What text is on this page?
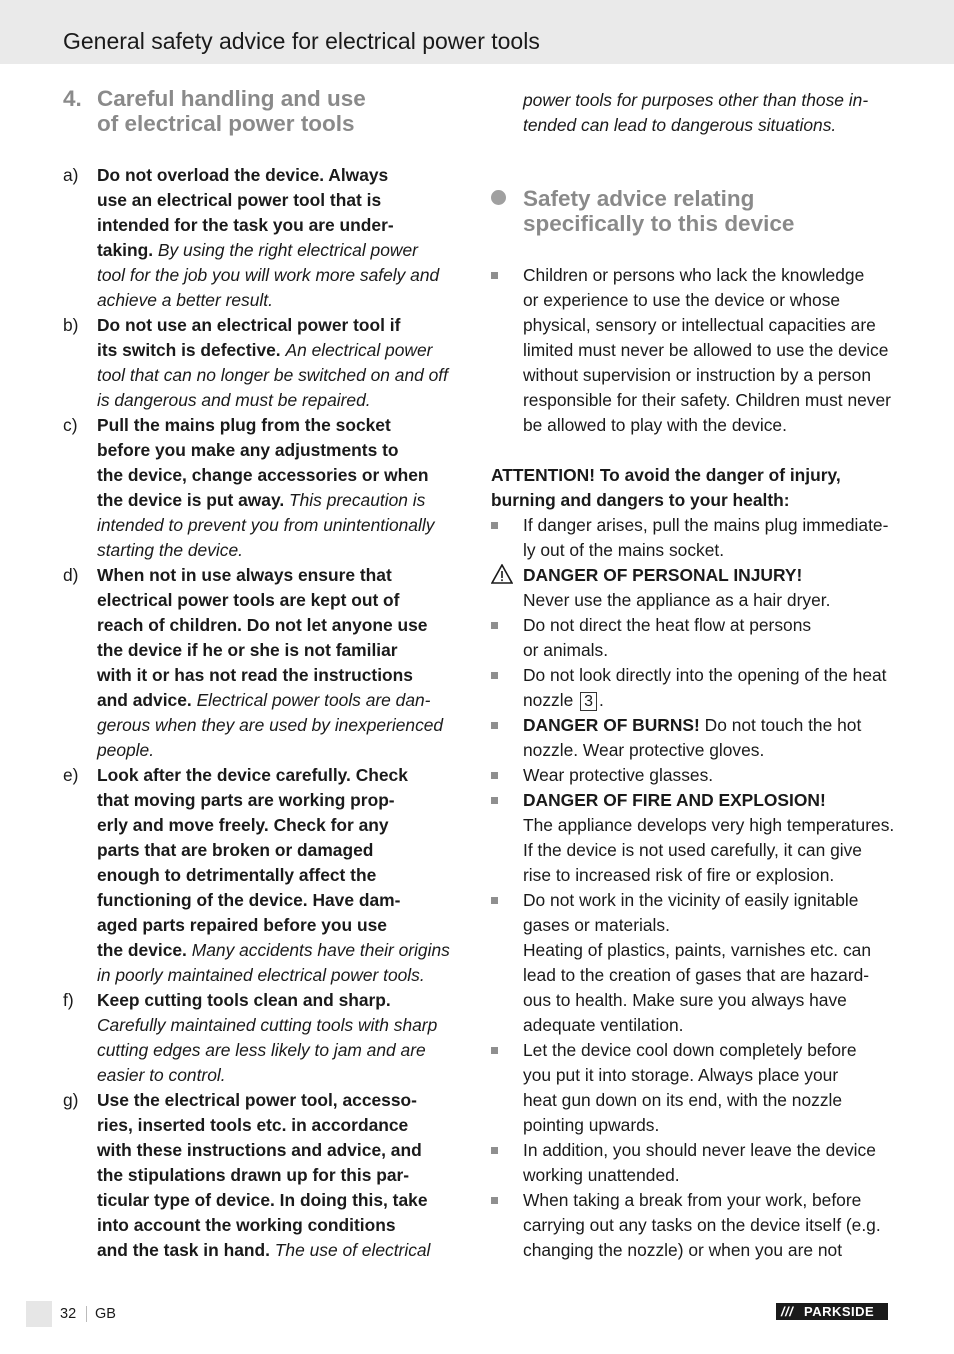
General safety advice for electrical power tools
4. Careful handling and use
of electrical power tools
a) Do not overload the device. Always
use an electrical power tool that is
intended for the task you are under-
taking. By using the right electrical power
tool for the job you will work more safely and
achieve a better result.
b) Do not use an electrical power tool if
its switch is defective. An electrical power
tool that can no longer be switched on and off
is dangerous and must be repaired.
c) Pull the mains plug from the socket
before you make any adjustments to
the device, change accessories or when
the device is put away. This precaution is
intended to prevent you from unintentionally
starting the device.
d) When not in use always ensure that
electrical power tools are kept out of
reach of children. Do not let anyone use
the device if he or she is not familiar
with it or has not read the instructions
and advice. Electrical power tools are dan-
gerous when they are used by inexperienced
people.
e) Look after the device carefully. Check
that moving parts are working prop-
erly and move freely. Check for any
parts that are broken or damaged
enough to detrimentally affect the
functioning of the device. Have dam-
aged parts repaired before you use
the device. Many accidents have their origins
in poorly maintained electrical power tools.
f) Keep cutting tools clean and sharp.
Carefully maintained cutting tools with sharp
cutting edges are less likely to jam and are
easier to control.
g) Use the electrical power tool, accesso-
ries, inserted tools etc. in accordance
with these instructions and advice, and
the stipulations drawn up for this par-
ticular type of device. In doing this, take
into account the working conditions
and the task in hand. The use of electrical
power tools for purposes other than those in-
tended can lead to dangerous situations.
Safety advice relating
specifically to this device
Children or persons who lack the knowledge
or experience to use the device or whose
physical, sensory or intellectual capacities are
limited must never be allowed to use the device
without supervision or instruction by a person
responsible for their safety. Children must never
be allowed to play with the device.
ATTENTION! To avoid the danger of injury,
burning and dangers to your health:
If danger arises, pull the mains plug immediate-
ly out of the mains socket.
DANGER OF PERSONAL INJURY!
Never use the appliance as a hair dryer.
Do not direct the heat flow at persons
or animals.
Do not look directly into the opening of the heat
nozzle 3 .
DANGER OF BURNS! Do not touch the hot
nozzle. Wear protective gloves.
Wear protective glasses.
DANGER OF FIRE AND EXPLOSION!
The appliance develops very high temperatures.
If the device is not used carefully, it can give
rise to increased risk of fire or explosion.
Do not work in the vicinity of easily ignitable
gases or materials.
Heating of plastics, paints, varnishes etc. can
lead to the creation of gases that are hazard-
ous to health. Make sure you always have
adequate ventilation.
Let the device cool down completely before
you put it into storage. Always place your
heat gun down on its end, with the nozzle
pointing upwards.
In addition, you should never leave the device
working unattended.
When taking a break from your work, before
carrying out any tasks on the device itself (e.g.
changing the nozzle) or when you are not
32 GB	/// PARKSIDE
